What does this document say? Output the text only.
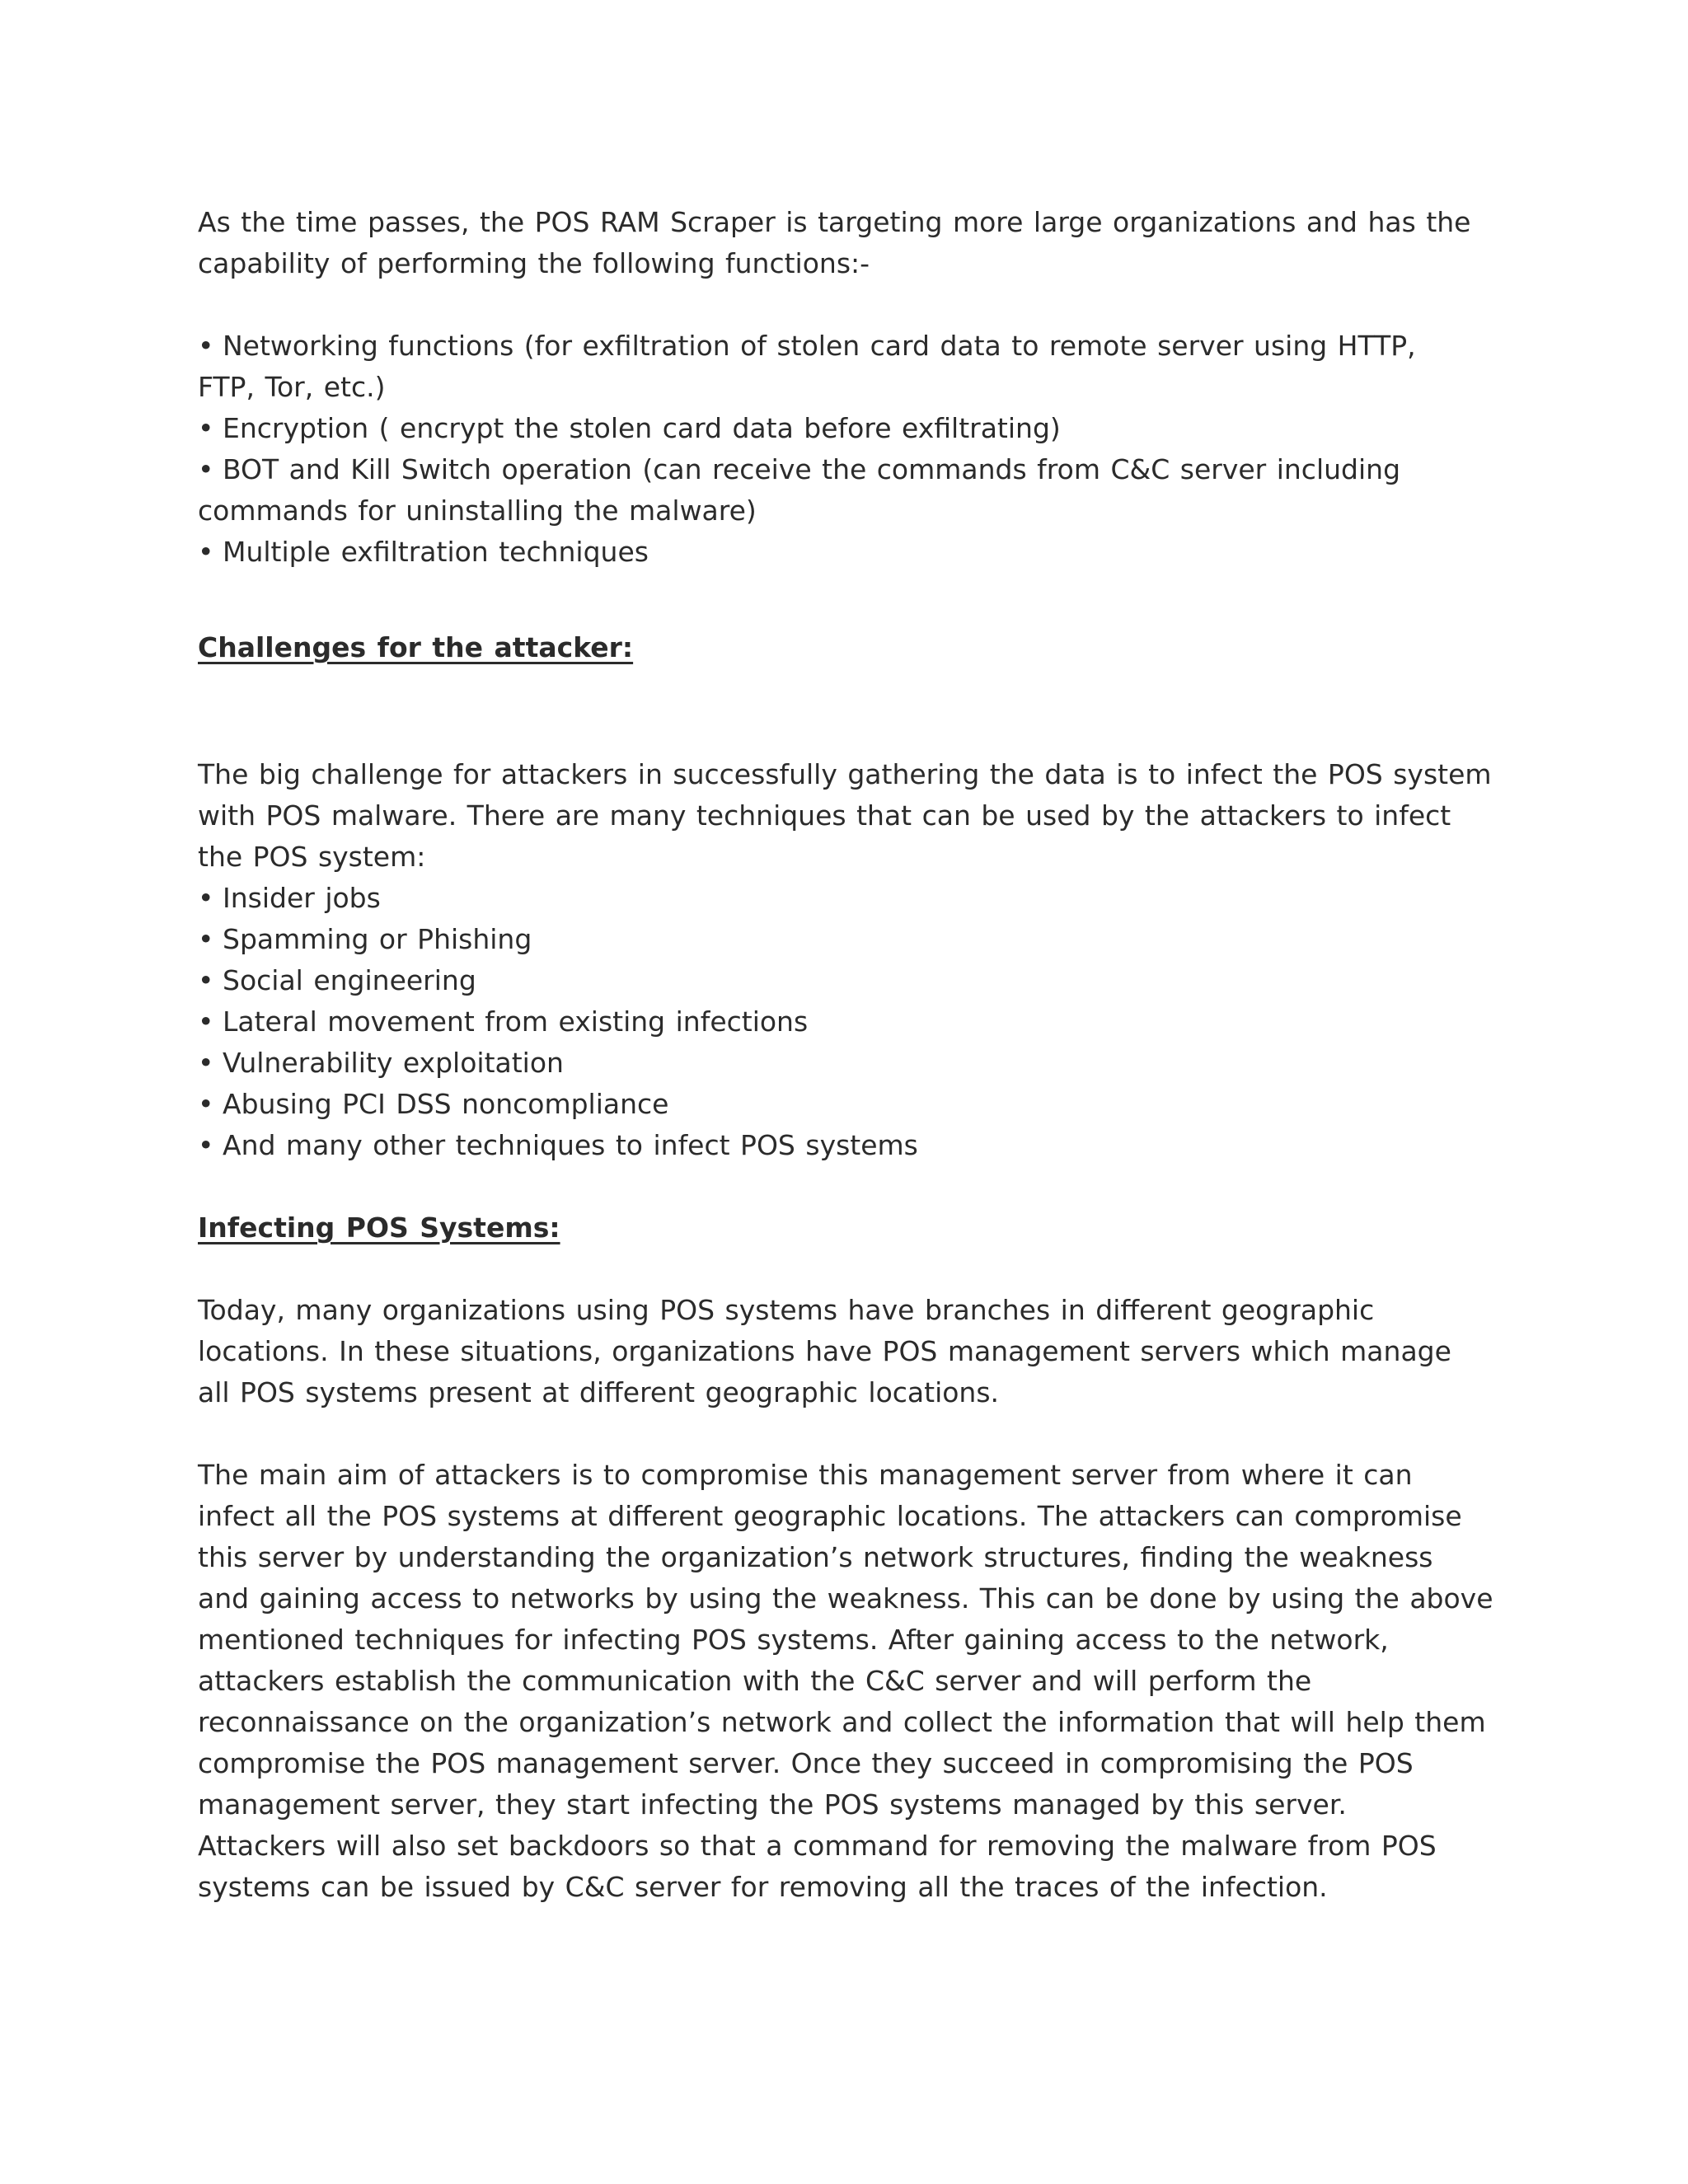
As the time passes, the POS RAM Scraper is targeting more large organizations and has the
capability of performing the following functions:-
• Networking functions (for exfiltration of stolen card data to remote server using HTTP,
FTP, Tor, etc.)
• Encryption ( encrypt the stolen card data before exfiltrating)
• BOT and Kill Switch operation (can receive the commands from C&C server including
commands for uninstalling the malware)
• Multiple exfiltration techniques
Challenges for the attacker:
The big challenge for attackers in successfully gathering the data is to infect the POS system
with POS malware. There are many techniques that can be used by the attackers to infect
the POS system:
• Insider jobs
• Spamming or Phishing
• Social engineering
• Lateral movement from existing infections
• Vulnerability exploitation
• Abusing PCI DSS noncompliance
• And many other techniques to infect POS systems
Infecting POS Systems:
Today, many organizations using POS systems have branches in different geographic
locations. In these situations, organizations have POS management servers which manage
all POS systems present at different geographic locations.
The main aim of attackers is to compromise this management server from where it can
infect all the POS systems at different geographic locations. The attackers can compromise
this server by understanding the organization’s network structures, finding the weakness
and gaining access to networks by using the weakness. This can be done by using the above
mentioned techniques for infecting POS systems. After gaining access to the network,
attackers establish the communication with the C&C server and will perform the
reconnaissance on the organization’s network and collect the information that will help them
compromise the POS management server. Once they succeed in compromising the POS
management server, they start infecting the POS systems managed by this server.
Attackers will also set backdoors so that a command for removing the malware from POS
systems can be issued by C&C server for removing all the traces of the infection.
